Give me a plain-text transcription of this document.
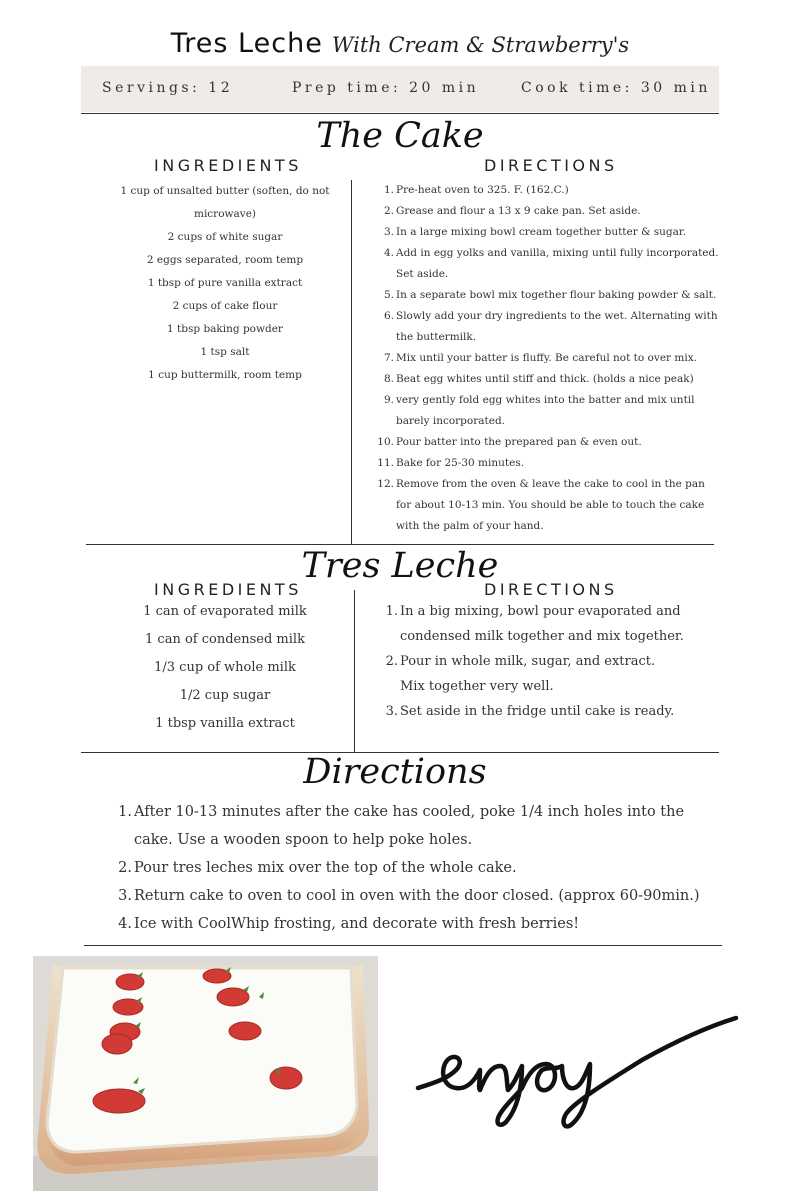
Tres Leche With Cream & Strawberry's
Servings: 12	Prep time: 20 min	Cook time: 30 min
The Cake
INGREDIENTS	DIRECTIONS
1 cup of unsalted butter (soften, do not
microwave)
2 cups of white sugar
2 eggs separated, room temp
1 tbsp of pure vanilla extract
2 cups of cake flour
1 tbsp baking powder
1 tsp salt
1 cup buttermilk, room temp
1. Pre-heat oven to 325. F. (162.C.)
2. Grease and flour a 13 x 9 cake pan. Set aside.
3. In a large mixing bowl cream together butter & sugar.
4. Add in egg yolks and vanilla, mixing until fully incorporated. Set aside.
5. In a separate bowl mix together flour baking powder & salt.
6. Slowly add your dry ingredients to the wet. Alternating with the buttermilk.
7. Mix until your batter is fluffy. Be careful not to over mix.
8. Beat egg whites until stiff and thick. (holds a nice peak)
9. very gently fold egg whites into the batter and mix until barely incorporated.
10. Pour batter into the prepared pan & even out.
11. Bake for 25-30 minutes.
12. Remove from the oven & leave the cake to cool in the pan for about 10-13 min. You should be able to touch the cake with the palm of your hand.
Tres Leche
INGREDIENTS	DIRECTIONS
1 can of evaporated milk
1 can of condensed milk
1/3 cup of whole milk
1/2 cup sugar
1 tbsp vanilla extract
1. In a big mixing, bowl pour evaporated and condensed milk together and mix together.
2. Pour in whole milk, sugar, and extract. Mix together very well.
3. Set aside in the fridge until cake is ready.
Directions
1. After 10-13 minutes after the cake has cooled, poke 1/4 inch holes into the cake. Use a wooden spoon to help poke holes.
2. Pour tres leches mix over the top of the whole cake.
3. Return cake to oven to cool in oven with the door closed. (approx 60-90min.)
4. Ice with CoolWhip frosting, and decorate with fresh berries!
